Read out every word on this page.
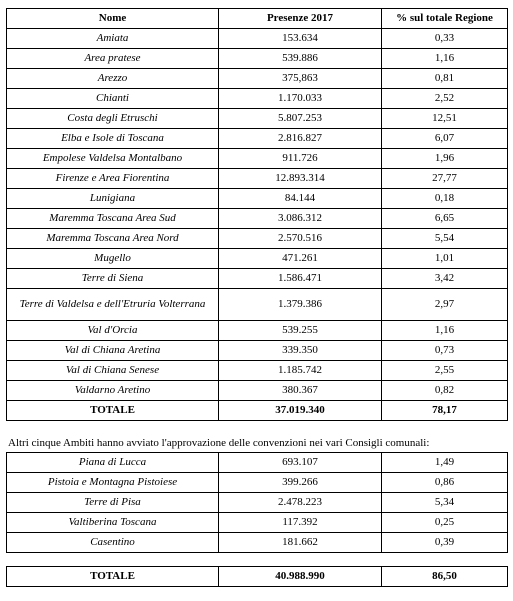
Nome	Presenze 2017	% sul totale Regione
Amiata	153.634	0,33
Area pratese	539.886	1,16
Arezzo	375,863	0,81
Chianti	1.170.033	2,52
Costa degli Etruschi	5.807.253	12,51
Elba e Isole di Toscana	2.816.827	6,07
Empolese Valdelsa Montalbano	911.726	1,96
Firenze e Area Fiorentina	12.893.314	27,77
Lunigiana	84.144	0,18
Maremma Toscana Area Sud	3.086.312	6,65
Maremma Toscana Area Nord	2.570.516	5,54
Mugello	471.261	1,01
Terre di Siena	1.586.471	3,42
Terre di Valdelsa e dell'Etruria Volterrana	1.379.386	2,97
Val d'Orcia	539.255	1,16
Val di Chiana Aretina	339.350	0,73
Val di Chiana Senese	1.185.742	2,55
Valdarno Aretino	380.367	0,82
TOTALE	37.019.340	78,17
Altri cinque Ambiti hanno avviato l'approvazione delle convenzioni nei vari Consigli comunali:
Piana di Lucca	693.107	1,49
Pistoia e Montagna Pistoiese	399.266	0,86
Terre di Pisa	2.478.223	5,34
Valtiberina Toscana	117.392	0,25
Casentino	181.662	0,39
TOTALE	40.988.990	86,50
